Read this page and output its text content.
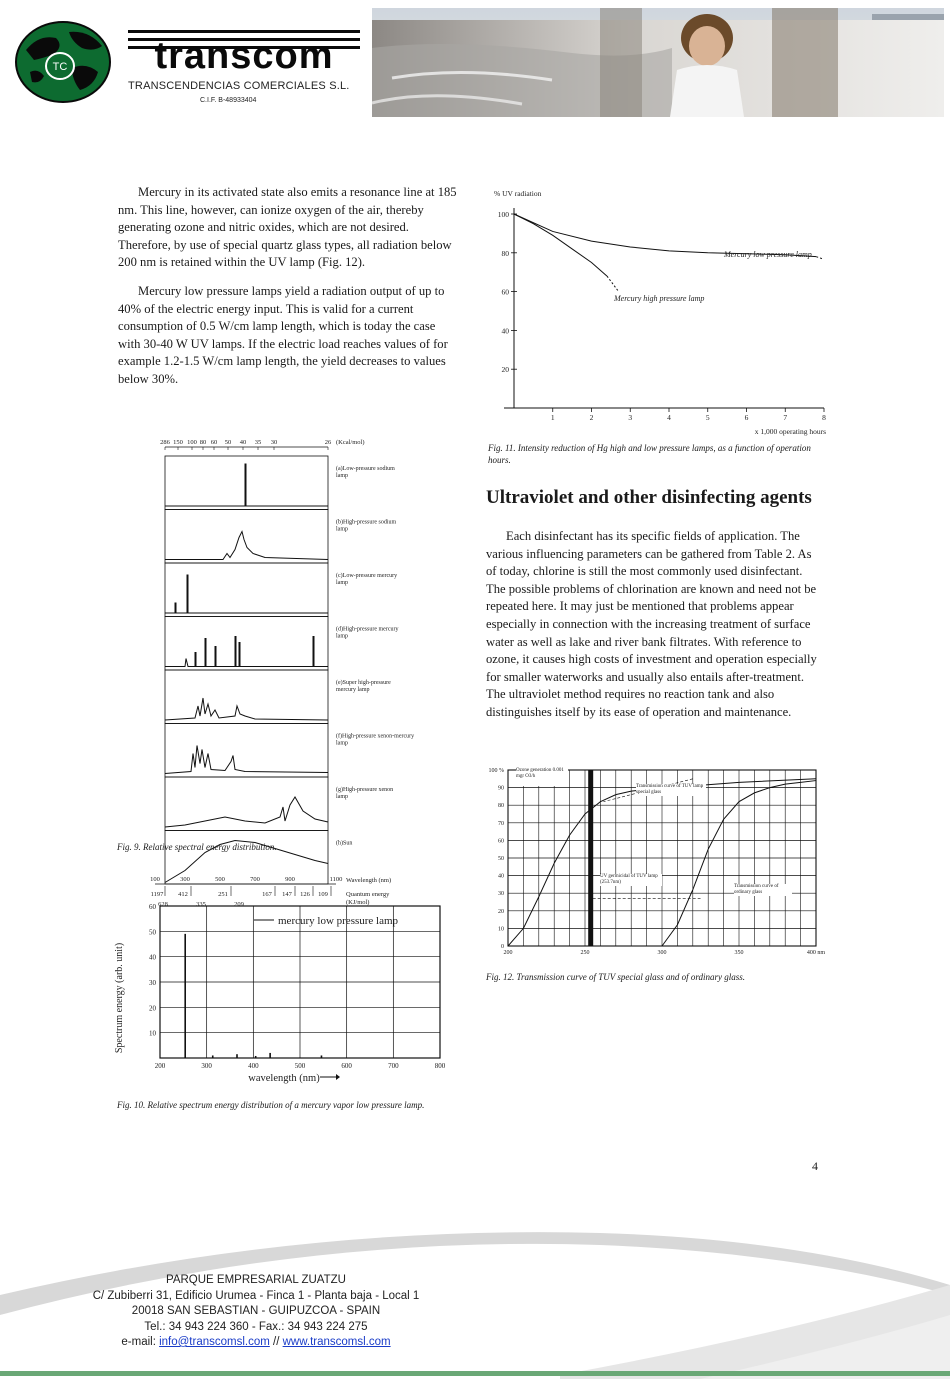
TC transcom
TRANSCENDENCIAS COMERCIALES S.L.
C.I.F. B-48933404
Mercury in its activated state also emits a resonance line at 185 nm. This line, however, can ionize oxygen of the air, thereby generating ozone and nitric oxides, which are not desired. Therefore, by use of special quartz glass types, all radiation below 200 nm is retained within the UV lamp (Fig. 12).
Mercury low pressure lamps yield a radiation output of up to 40% of the electric energy input. This is valid for a current consumption of 0.5 W/cm lamp length, which is today the case with 30-40 W UV lamps. If the electric load reaches values of for example 1.2-1.5 W/cm lamp length, the yield decreases to values below 30%.
286 150 100 80 60 50 40 35 30	26 (Kcal/mol)
(a)Low-pressure sodium
lamp
(b)High-pressure sodium
lamp
(c)Low-pressure mercury
lamp
(d)High-pressure mercury
lamp
(e)Super high-pressure
mercury lamp
(f)High-pressure xenon-mercury
lamp
(g)High-pressure xenon
lamp
(h)Sun
100	300	500	700	900	1100 Wavelength (nm)
1197 412	251	167 147 126 109
628	335	209
Quantum energy
(KJ/mol)
Fig. 9. Relative spectral energy distribution.
200	300	400	500	600	700	800
10
20
30
40
50
60
mercury low pressure lamp
wavelength (nm)
Spectrum energy (arb. unit)
Fig. 10. Relative spectrum energy distribution of a mercury vapor low pressure lamp.
% UV radiation
20
40
60
80
100
1	2	3	4	5	6	7	8
Mercury low pressure lamp
Mercury high pressure lamp
x 1,000 operating hours
Fig. 11. Intensity reduction of Hg high and low pressure lamps, as a function of operation hours.
Ultraviolet and other disinfecting agents
Each disinfectant has its specific fields of application. The various influencing parameters can be gathered from Table 2. As of today, chlorine is still the most commonly used disinfectant. The possible problems of chlorination are known and need not be repeated here. It may just be mentioned that problems appear especially in connection with the increasing treatment of surface water as well as lake and river bank filtrates. With reference to ozone, it causes high costs of investment and operation especially for smaller waterworks and usually also entails after-treatment. The ultraviolet method requires no reaction tank and also distinguishes itself by its ease of operation and maintenance.
Ozone generation 0.001 mgr O3/h
Transmission curve of TUV lamp special glass
UV germicidal of TUV lamp (253.7nm)
Transmission curve of ordinary glass
200	250	300	350	400 nm
0
10
20
30
40
50
60
70
80
90
100 %
Fig. 12. Transmission curve of TUV special glass and of ordinary glass.
4
PARQUE EMPRESARIAL ZUATZU
C/ Zubiberri 31, Edificio Urumea - Finca 1 - Planta baja - Local 1
20018 SAN SEBASTIAN - GUIPUZCOA - SPAIN
Tel.: 34 943 224 360 - Fax.: 34 943 224 275
e-mail: info@transcomsl.com // www.transcomsl.com
